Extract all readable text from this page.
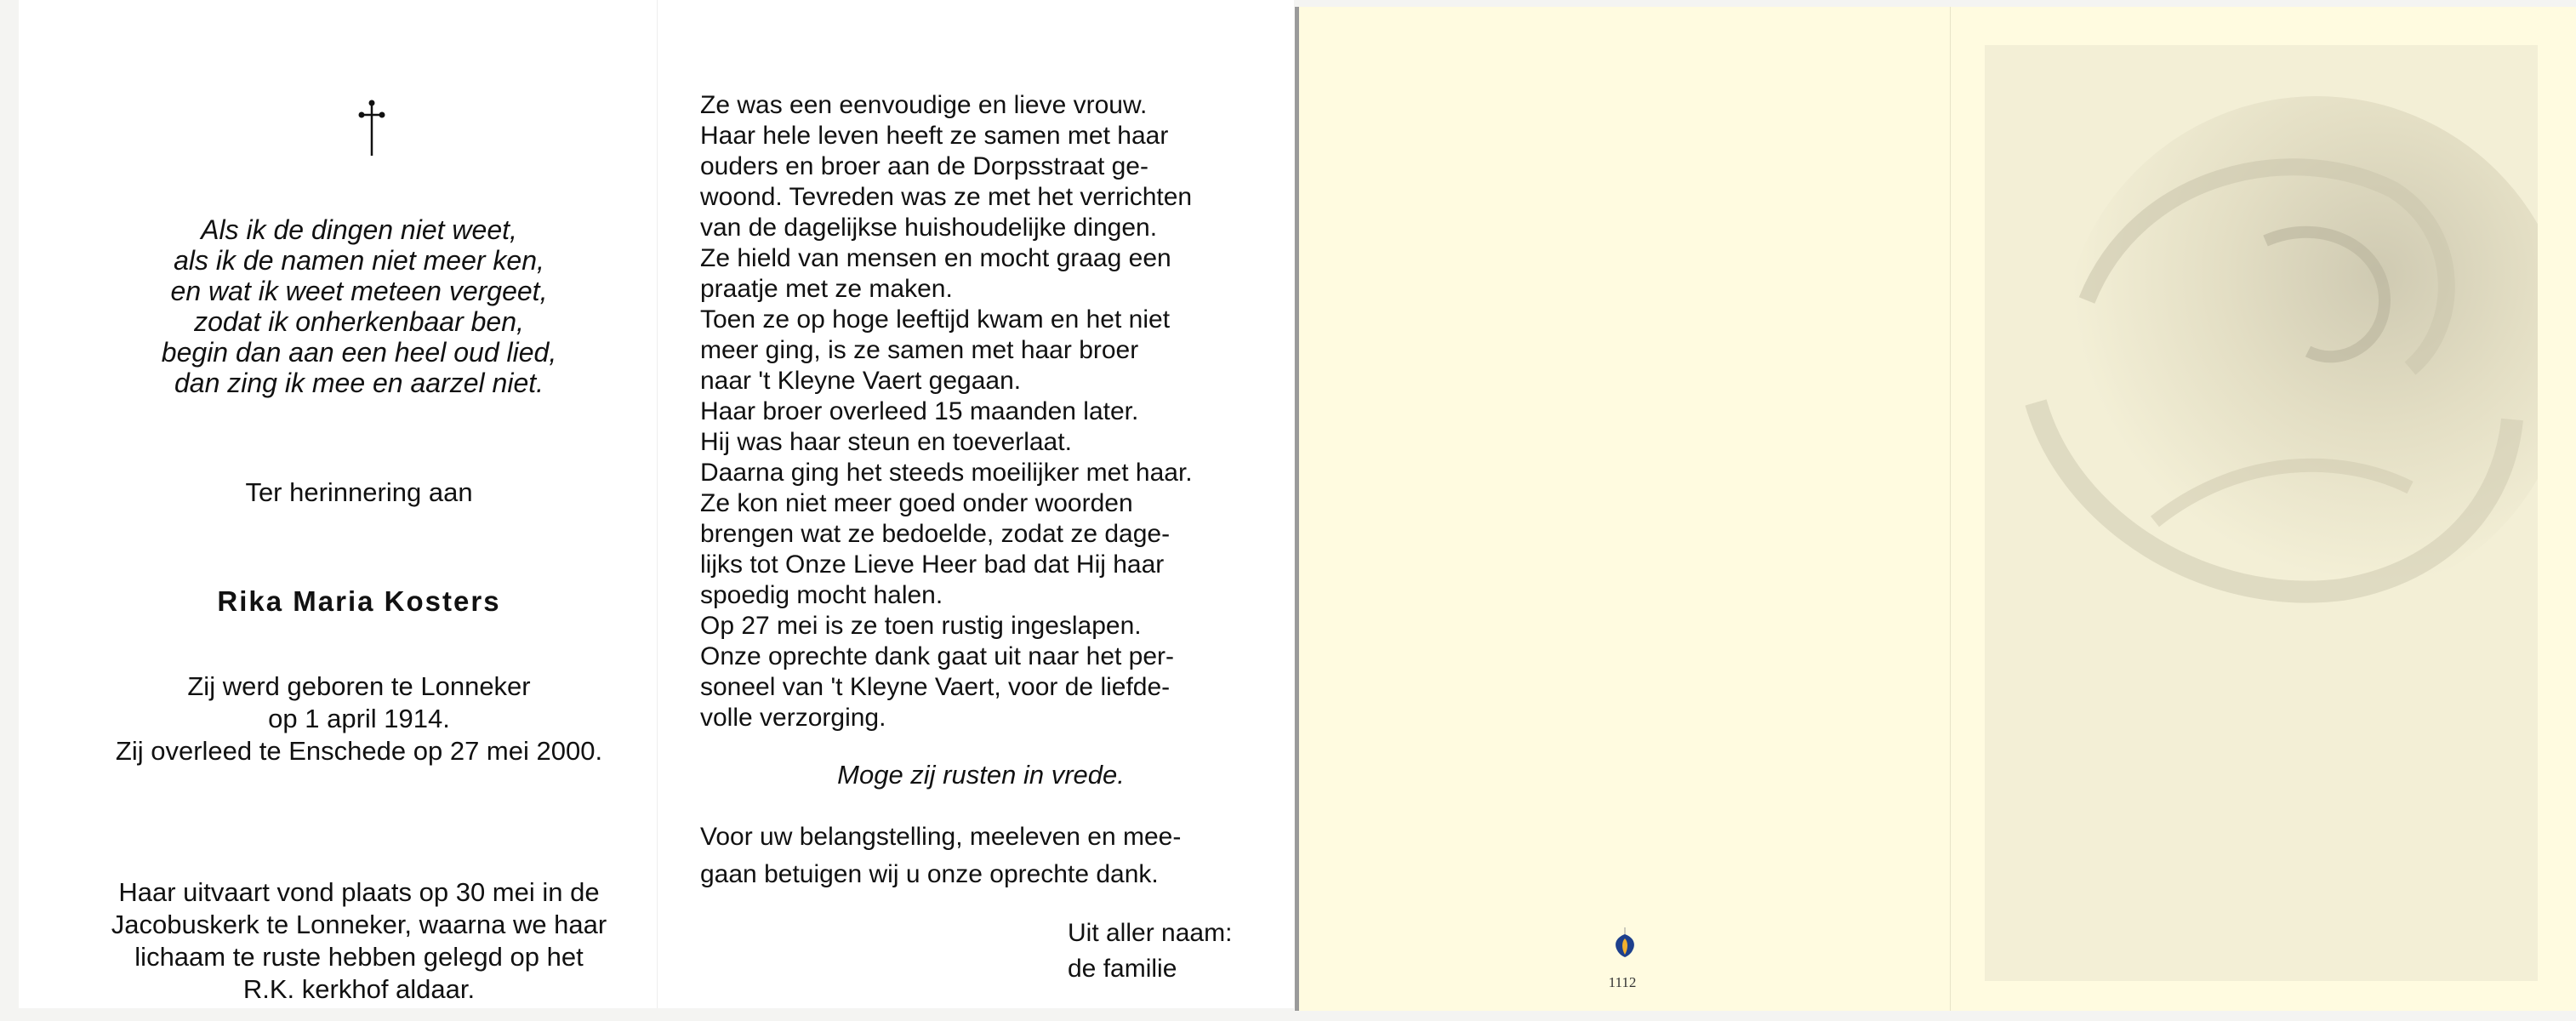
Als ik de dingen niet weet,
als ik de namen niet meer ken,
en wat ik weet meteen vergeet,
zodat ik onherkenbaar ben,
begin dan aan een heel oud lied,
dan zing ik mee en aarzel niet.
Ter herinnering aan
Rika Maria Kosters
Zij werd geboren te Lonneker
op 1 april 1914.
Zij overleed te Enschede op 27 mei 2000.
Haar uitvaart vond plaats op 30 mei in de
Jacobuskerk te Lonneker, waarna we haar
lichaam te ruste hebben gelegd op het
R.K. kerkhof aldaar.
Ze was een eenvoudige en lieve vrouw.
Haar hele leven heeft ze samen met haar
ouders en broer aan de Dorpsstraat ge-
woond. Tevreden was ze met het verrichten
van de dagelijkse huishoudelijke dingen.
Ze hield van mensen en mocht graag een
praatje met ze maken.
Toen ze op hoge leeftijd kwam en het niet
meer ging, is ze samen met haar broer
naar 't Kleyne Vaert gegaan.
Haar broer overleed 15 maanden later.
Hij was haar steun en toeverlaat.
Daarna ging het steeds moeilijker met haar.
Ze kon niet meer goed onder woorden
brengen wat ze bedoelde, zodat ze dage-
lijks tot Onze Lieve Heer bad dat Hij haar
spoedig mocht halen.
Op 27 mei is ze toen rustig ingeslapen.
Onze oprechte dank gaat uit naar het per-
soneel van 't Kleyne Vaert, voor de liefde-
volle verzorging.
Moge zij rusten in vrede.
Voor uw belangstelling, meeleven en mee-
gaan betuigen wij u onze oprechte dank.
Uit aller naam:
de familie	1112
